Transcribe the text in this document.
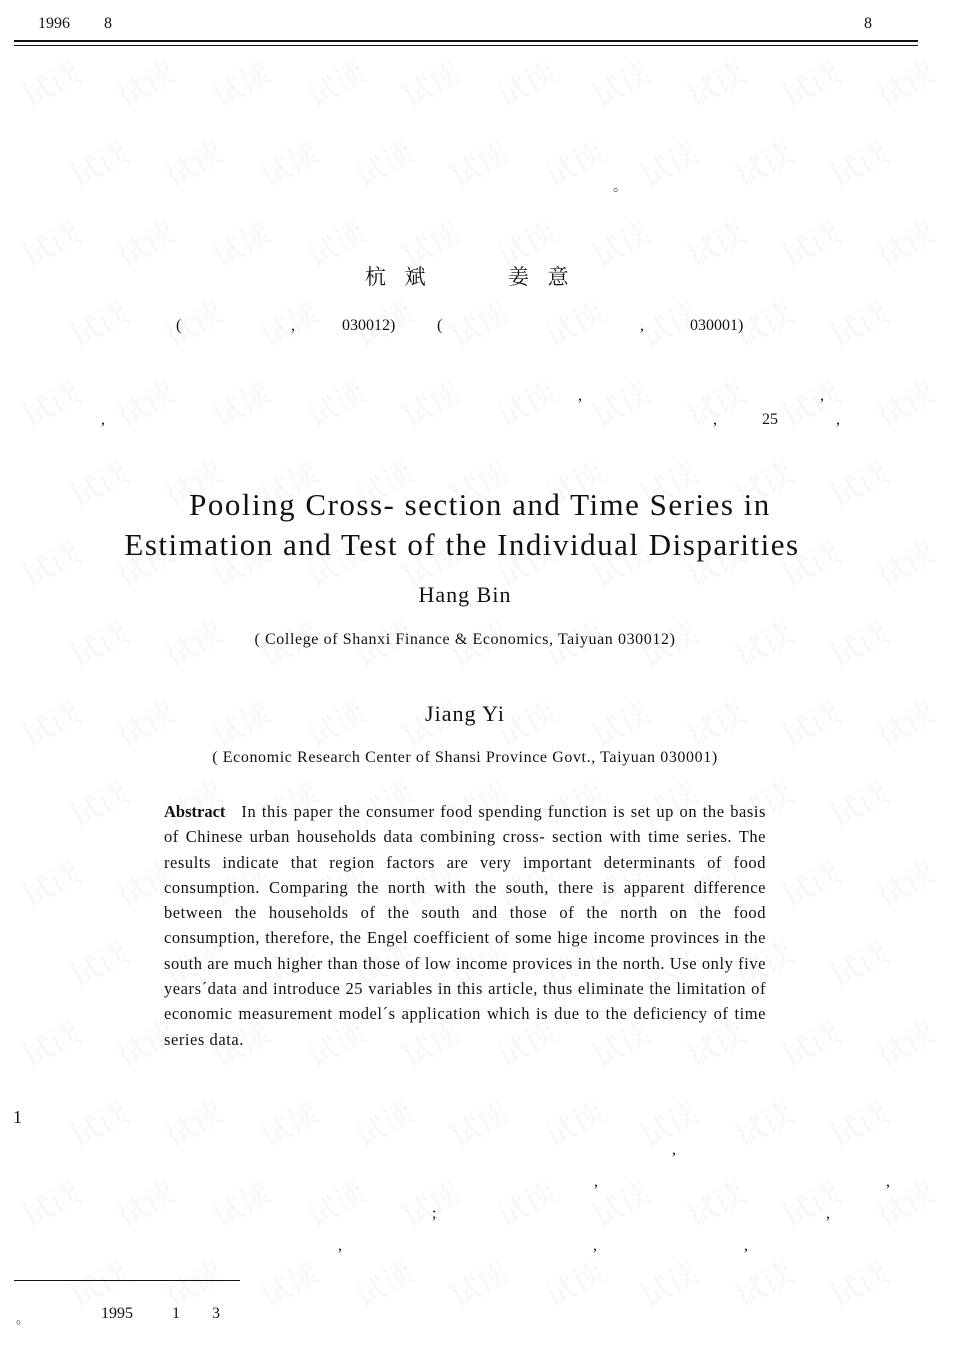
1996 8	8
。
杭 斌	姜 意
(	,	030012)	(	,	030001)
,	,
,	,	25	,
Pooling Cross- section and Time Series in
Estimation and Test of the Individual Disparities
Hang Bin
( College of Shanxi Finance & Economics, Taiyuan 030012)
Jiang Yi
( Economic Research Center of Shansi Province Govt., Taiyuan 030001)
Abstract In this paper the consumer food spending function is set up on the basis of Chinese urban households data combining cross- section with time series. The results indicate that region factors are very important determinants of food consumption. Comparing the north with the south, there is apparent difference between the households of the south and those of the north on the food consumption, therefore, the Engel coefficient of some hige income provinces in the south are much higher than those of low income provices in the north. Use only five years´data and introduce 25 variables in this article, thus eliminate the limitation of economic measurement model´s application which is due to the deficiency of time series data.
1
,
,	,
;	,
,	,	,
。	1995 1 3
